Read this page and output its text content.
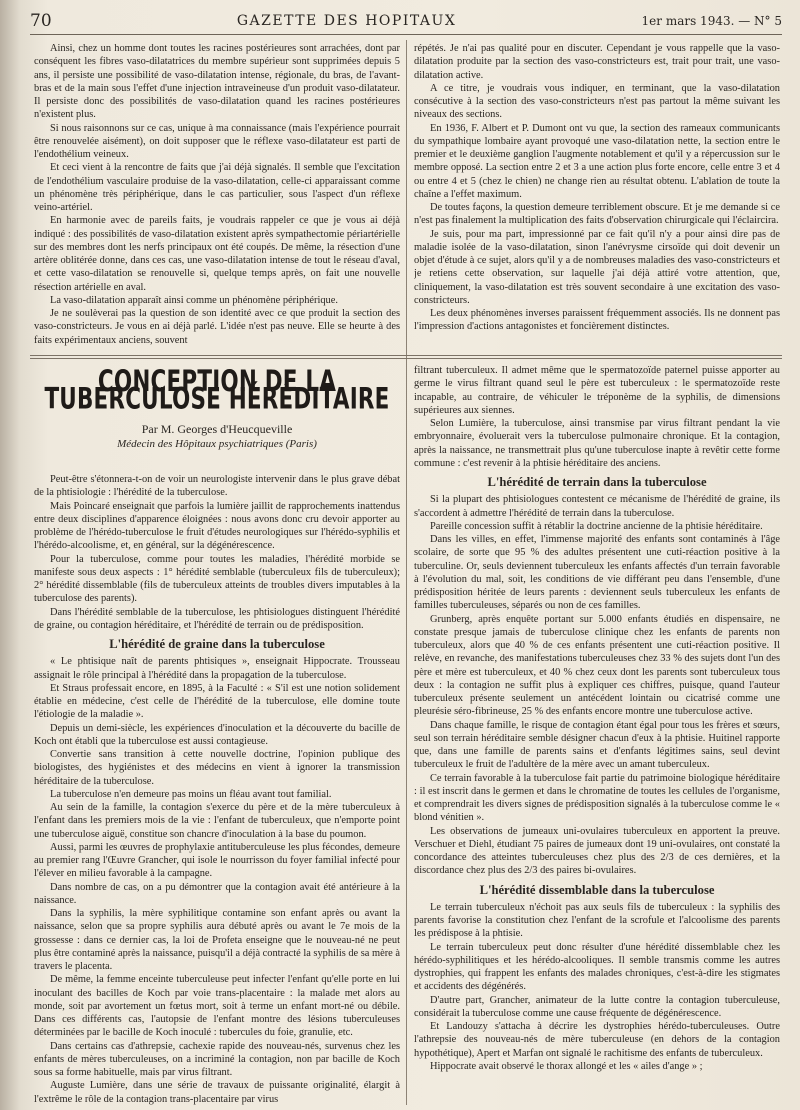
70	GAZETTE DES HOPITAUX	1er mars 1943. — N° 5

Ainsi, chez un homme dont toutes les racines postérieures sont arrachées, dont par conséquent les fibres vaso-dilatatrices du membre supérieur sont supprimées depuis 5 ans, il persiste une possibilité de vaso-dilatation intense, régionale, du bras, de l'avant-bras et de la main sous l'effet d'une injection intraveineuse d'un produit vaso-dilatateur. Il persiste donc des possibilités de vaso-dilatation quand les racines postérieures n'existent plus.

Si nous raisonnons sur ce cas, unique à ma connaissance (mais l'expérience pourrait être renouvelée aisément), on doit supposer que le réflexe vaso-dilatateur est parti de l'endothélium veineux.

Et ceci vient à la rencontre de faits que j'ai déjà signalés. Il semble que l'excitation de l'endothélium vasculaire produise de la vaso-dilatation, celle-ci apparaissant comme un phénomène très périphérique, dans le cas particulier, sous l'aspect d'un réflexe veino-artériel.

En harmonie avec de pareils faits, je voudrais rappeler ce que je vous ai déjà indiqué : des possibilités de vaso-dilatation existent après sympathectomie périartérielle sur des membres dont les nerfs principaux ont été coupés. De même, la résection d'une artère oblitérée donne, dans ces cas, une vaso-dilatation intense de tout le réseau d'aval, et cette vaso-dilatation se renouvelle si, quelque temps après, on fait une nouvelle résection artérielle en aval.

La vaso-dilatation apparaît ainsi comme un phénomène périphérique.

Je ne soulèverai pas la question de son identité avec ce que produit la section des vaso-constricteurs. Je vous en ai déjà parlé. L'idée n'est pas neuve. Elle se heurte à des faits expérimentaux anciens, souvent

répétés. Je n'ai pas qualité pour en discuter. Cependant je vous rappelle que la vaso-dilatation produite par la section des vaso-constricteurs est, trait pour trait, une vaso-dilatation active.

A ce titre, je voudrais vous indiquer, en terminant, que la vaso-dilatation consécutive à la section des vaso-constricteurs n'est pas partout la même suivant les niveaux des sections.

En 1936, F. Albert et P. Dumont ont vu que, la section des rameaux communicants du sympathique lombaire ayant provoqué une vaso-dilatation nette, la section entre le premier et le deuxième ganglion l'augmente notablement et qu'il y a répercussion sur le membre opposé. La section entre 2 et 3 a une action plus forte encore, celle entre 3 et 4 ou entre 4 et 5 (chez le chien) ne change rien au résultat obtenu. L'ablation de toute la chaîne a l'effet maximum.

De toutes façons, la question demeure terriblement obscure. Et je me demande si ce n'est pas finalement la multiplication des faits d'observation chirurgicale qui l'éclaircira.

Je suis, pour ma part, impressionné par ce fait qu'il n'y a pour ainsi dire pas de maladie isolée de la vaso-dilatation, sinon l'anévrysme cirsoïde qui doit devenir un objet d'étude à ce sujet, alors qu'il y a de nombreuses maladies des vaso-constricteurs et je retiens cette observation, sur laquelle j'ai déjà attiré votre attention, que, cliniquement, la vaso-dilatation est très souvent secondaire à une excitation des vaso-constricteurs.

Les deux phénomènes inverses paraissent fréquemment associés. Ils ne donnent pas l'impression d'actions antagonistes et foncièrement distinctes.

CONCEPTION DE LA TUBERCULOSE HÉRÉDITAIRE
Par M. Georges d'Heucqueville
Médecin des Hôpitaux psychiatriques (Paris)

Peut-être s'étonnera-t-on de voir un neurologiste intervenir dans le plus grave débat de la phtisiologie : l'hérédité de la tuberculose.

Mais Poincaré enseignait que parfois la lumière jaillit de rapprochements inattendus entre deux disciplines d'apparence éloignées : nous avons donc cru devoir apporter au problème de l'hérédo-tuberculose le fruit d'études neurologiques sur l'hérédo-syphilis et l'hérédo-alcoolisme, et, en général, sur la dégénérescence.

Pour la tuberculose, comme pour toutes les maladies, l'hérédité morbide se manifeste sous deux aspects : 1° hérédité semblable (tuberculeux fils de tuberculeux); 2° hérédité dissemblable (fils de tuberculeux atteints de troubles divers imputables à la tuberculose des parents).

Dans l'hérédité semblable de la tuberculose, les phtisiologues distinguent l'hérédité de graine, ou contagion héréditaire, et l'hérédité de terrain ou de prédisposition.

L'hérédité de graine dans la tuberculose

« Le phtisique naît de parents phtisiques », enseignait Hippocrate. Trousseau assignait le rôle principal à l'hérédité dans la propagation de la tuberculose.

Et Straus professait encore, en 1895, à la Faculté : « S'il est une notion solidement établie en médecine, c'est celle de l'hérédité de la tuberculose, elle domine toute l'étiologie de la maladie ».

Depuis un demi-siècle, les expériences d'inoculation et la découverte du bacille de Koch ont établi que la tuberculose est aussi contagieuse.

Convertie sans transition à cette nouvelle doctrine, l'opinion publique des biologistes, des hygiénistes et des médecins en vient à ignorer la transmission héréditaire de la tuberculose.

La tuberculose n'en demeure pas moins un fléau avant tout familial.

Au sein de la famille, la contagion s'exerce du père et de la mère tuberculeux à l'enfant dans les premiers mois de la vie : l'enfant de tuberculeux, que n'emporte point une tuberculose aiguë, constitue son chancre d'inoculation à la base du poumon.

Aussi, parmi les œuvres de prophylaxie antituberculeuse les plus fécondes, demeure au premier rang l'Œuvre Grancher, qui isole le nourrisson du foyer familial infecté pour l'élever en milieu favorable à la campagne.

Dans nombre de cas, on a pu démontrer que la contagion avait été antérieure à la naissance.

Dans la syphilis, la mère syphilitique contamine son enfant après ou avant la naissance, selon que sa propre syphilis aura débuté après ou avant le 7e mois de la grossesse : dans ce dernier cas, la loi de Profeta enseigne que le nouveau-né ne peut plus être contaminé après la naissance, puisqu'il a déjà contracté la syphilis de sa mère à travers le placenta.

De même, la femme enceinte tuberculeuse peut infecter l'enfant qu'elle porte en lui inoculant des bacilles de Koch par voie trans-placentaire : la malade met alors au monde, soit par avortement un fœtus mort, soit à terme un enfant mort-né ou débile. Dans ces différents cas, l'autopsie de l'enfant montre des lésions tuberculeuses déterminées par le bacille de Koch inoculé : tubercules du foie, granulie, etc.

Dans certains cas d'athrepsie, cachexie rapide des nouveau-nés, survenus chez les enfants de mères tuberculeuses, on a incriminé la contagion, non par bacille de Koch sous sa forme habituelle, mais par virus filtrant.

Auguste Lumière, dans une série de travaux de puissante originalité, élargit à l'extrême le rôle de la contagion trans-placentaire par virus

filtrant tuberculeux. Il admet même que le spermatozoïde paternel puisse apporter au germe le virus filtrant quand seul le père est tuberculeux : le spermatozoïde reste incapable, au contraire, de véhiculer le tréponème de la syphilis, de dimensions supérieures aux siennes.

Selon Lumière, la tuberculose, ainsi transmise par virus filtrant pendant la vie embryonnaire, évoluerait vers la tuberculose pulmonaire chronique. Et la contagion, après la naissance, ne transmettrait plus qu'une tuberculose inapte à revêtir cette forme commune : c'est revenir à la phtisie héréditaire des anciens.

L'hérédité de terrain dans la tuberculose

Si la plupart des phtisiologues contestent ce mécanisme de l'hérédité de graine, ils s'accordent à admettre l'hérédité de terrain dans la tuberculose.

Pareille concession suffit à rétablir la doctrine ancienne de la phtisie héréditaire.

Dans les villes, en effet, l'immense majorité des enfants sont contaminés à l'âge scolaire, de sorte que 95 % des adultes présentent une cuti-réaction positive à la tuberculine. Or, seuls deviennent tuberculeux les enfants affectés d'un terrain favorable à l'évolution du mal, soit, les conditions de vie différant peu dans l'ensemble, d'une prédisposition héritée de leurs parents : deviennent seuls tuberculeux les enfants de familles tuberculeuses, séparés ou non de ces familles.

Grunberg, après enquête portant sur 5.000 enfants étudiés en dispensaire, ne constate presque jamais de tuberculose clinique chez les enfants de parents non tuberculeux, alors que 40 % de ces enfants présentent une cuti-réaction positive. Il relève, en revanche, des manifestations tuberculeuses chez 33 % des sujets dont l'un des père et mère est tuberculeux, et 40 % chez ceux dont les parents sont tuberculeux tous deux : la contagion ne suffit plus à expliquer ces chiffres, puisque, quand l'auteur tuberculeux présente seulement un antécédent lointain ou cicatrisé comme une pleurésie séro-fibrineuse, 25 % des enfants encore montre une tuberculose active.

Dans chaque famille, le risque de contagion étant égal pour tous les frères et sœurs, seul son terrain héréditaire semble désigner chacun d'eux à la phtisie. Huitinel rapporte que, dans une famille de parents sains et d'enfants légitimes sains, seul devint tuberculeux le fruit de l'adultère de la mère avec un amant tuberculeux.

Ce terrain favorable à la tuberculose fait partie du patrimoine biologique héréditaire : il est inscrit dans le germen et dans le chromatine de toutes les cellules de l'organisme, et comprendrait les divers signes de prédisposition signalés à la tuberculose comme le « blond vénitien ».

Les observations de jumeaux uni-ovulaires tuberculeux en apportent la preuve. Verschuer et Diehl, étudiant 75 paires de jumeaux dont 19 uni-ovulaires, ont constaté la concordance des atteintes tuberculeuses chez plus des 2/3 de ces dernières, et la discordance chez plus des 2/3 des paires bi-ovulaires.

L'hérédité dissemblable dans la tuberculose

Le terrain tuberculeux n'échoit pas aux seuls fils de tuberculeux : la syphilis des parents favorise la constitution chez l'enfant de la scrofule et l'alcoolisme des parents les prédispose à la phtisie.

Le terrain tuberculeux peut donc résulter d'une hérédité dissemblable chez les hérédo-syphilitiques et les hérédo-alcooliques. Il semble transmis comme les autres dystrophies, qui frappent les enfants des malades chroniques, c'est-à-dire les stigmates et accidents des dégénérés.

D'autre part, Grancher, animateur de la lutte contre la contagion tuberculeuse, considérait la tuberculose comme une cause fréquente de dégénérescence.

Et Landouzy s'attacha à décrire les dystrophies hérédo-tuberculeuses. Outre l'athrepsie des nouveau-nés de mère tuberculeuse (en dehors de la contagion hypothétique), Apert et Marfan ont signalé le rachitisme des enfants de tuberculeux.

Hippocrate avait observé le thorax allongé et les « ailes d'ange » ;
